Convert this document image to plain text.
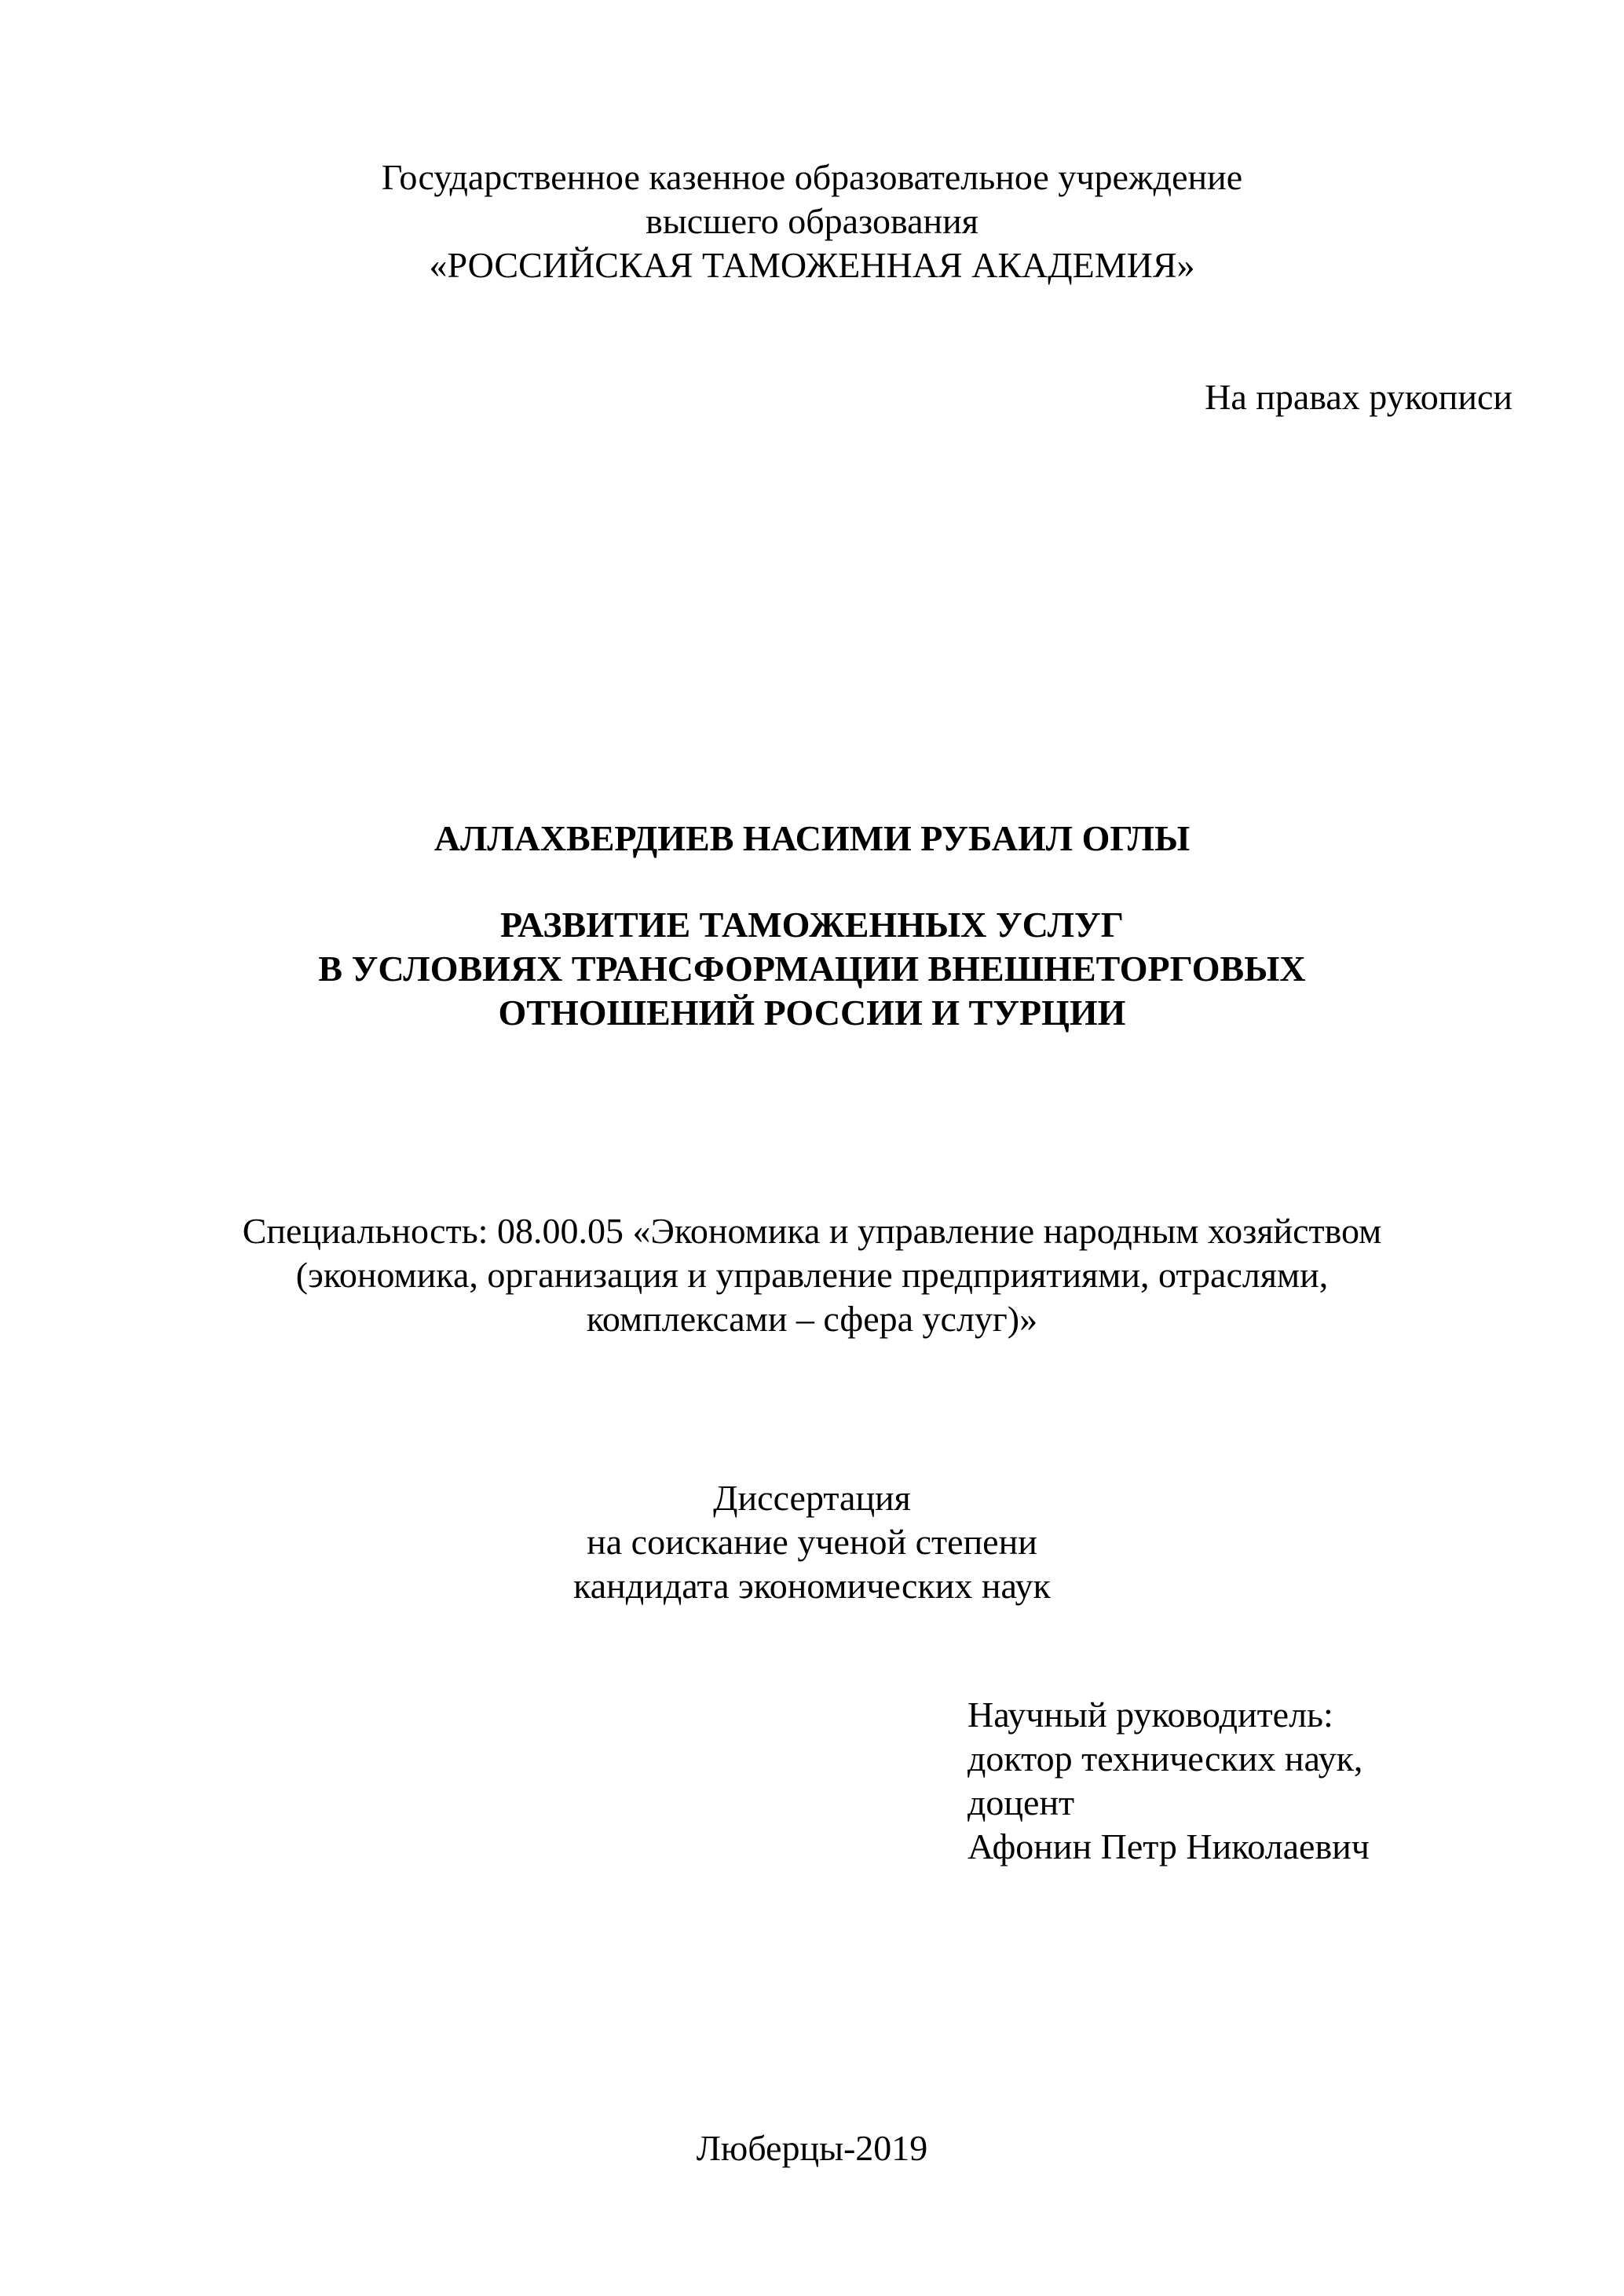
Государственное казенное образовательное учреждение
высшего образования
«РОССИЙСКАЯ ТАМОЖЕННАЯ АКАДЕМИЯ»
На правах рукописи
АЛЛАХВЕРДИЕВ НАСИМИ РУБАИЛ ОГЛЫ
РАЗВИТИЕ ТАМОЖЕННЫХ УСЛУГ
В УСЛОВИЯХ ТРАНСФОРМАЦИИ ВНЕШНЕТОРГОВЫХ
ОТНОШЕНИЙ РОССИИ И ТУРЦИИ
Специальность: 08.00.05 «Экономика и управление народным хозяйством
(экономика, организация и управление предприятиями, отраслями,
комплексами – сфера услуг)»
Диссертация
на соискание ученой степени
кандидата экономических наук
Научный руководитель:
доктор технических наук,
доцент
Афонин Петр Николаевич
Люберцы-2019
